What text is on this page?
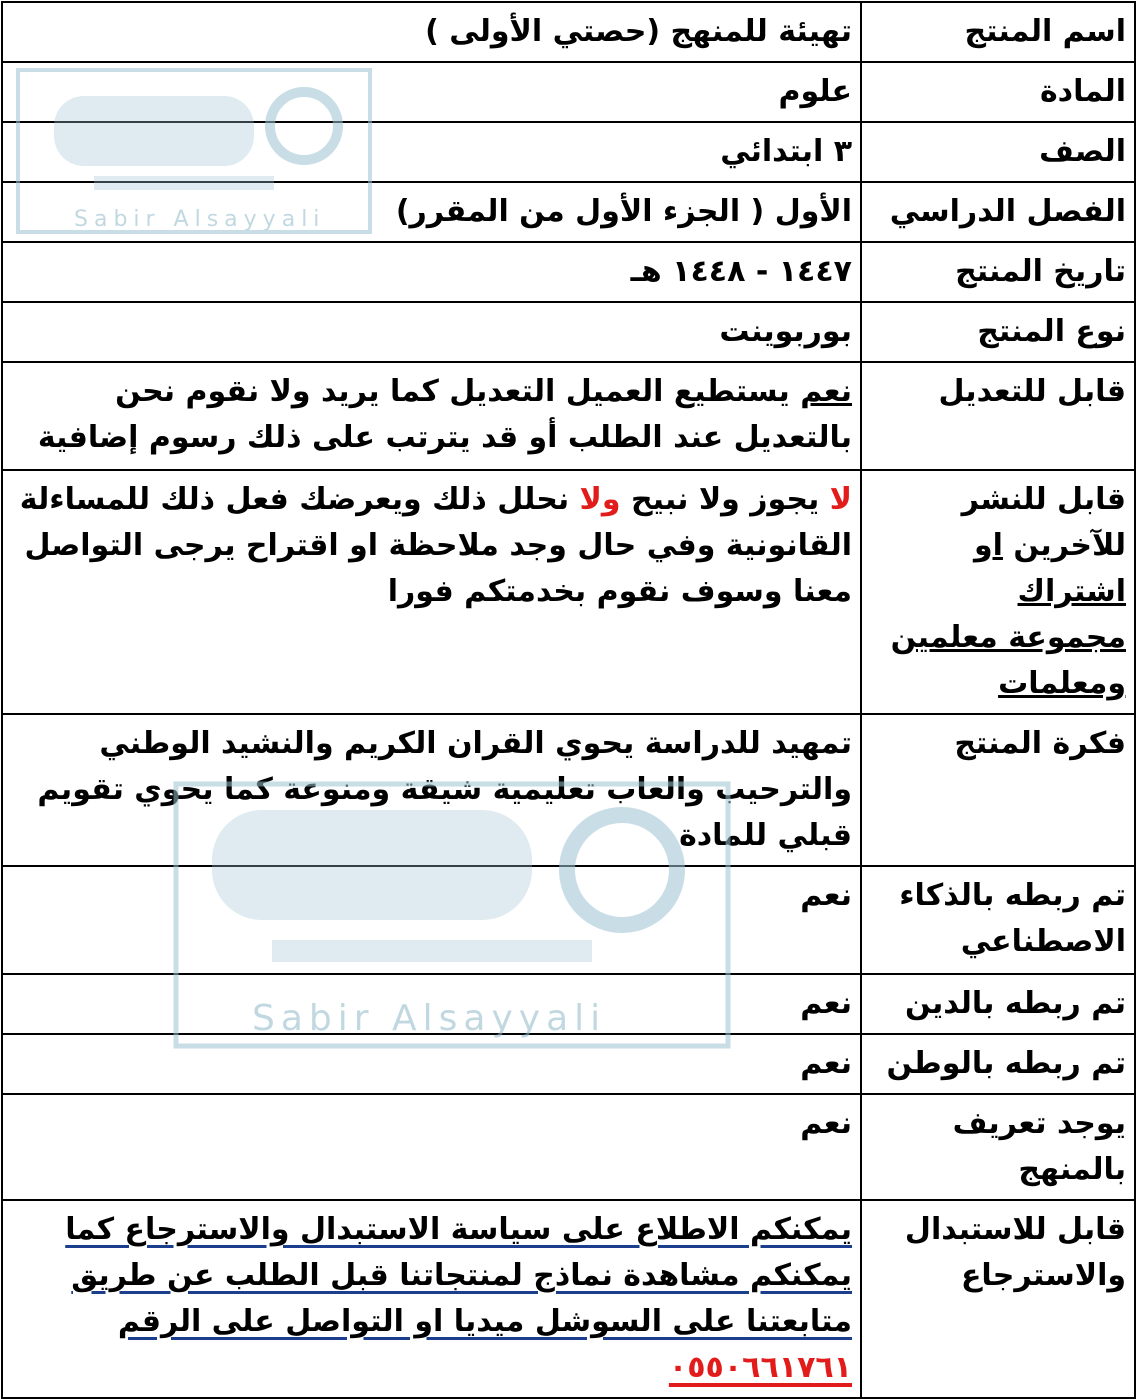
اسم المنتج	تهيئة للمنهج (حصتي الأولى )
المادة	علوم
الصف	٣ ابتدائي
الفصل الدراسي	الأول ( الجزء الأول من المقرر)
تاريخ المنتج	١٤٤٧ - ١٤٤٨ هـ
نوع المنتج	بوربوينت
قابل للتعديل	نعم يستطيع العميل التعديل كما يريد ولا نقوم نحن بالتعديل عند الطلب أو قد يترتب على ذلك رسوم إضافية
قابل للنشر
للآخرين او اشتراك
مجموعة معلمين
ومعلمات	لا يجوز ولا نبيح ولا نحلل ذلك ويعرضك فعل ذلك للمساءلة القانونية وفي حال وجد ملاحظة او اقتراح يرجى التواصل معنا وسوف نقوم بخدمتكم فورا
فكرة المنتج	تمهيد للدراسة يحوي القران الكريم والنشيد الوطني والترحيب والعاب تعليمية شيقة ومنوعة كما يحوي تقويم قبلي للمادة
تم ربطه بالذكاء الاصطناعي	نعم
تم ربطه بالدين	نعم
تم ربطه بالوطن	نعم
يوجد تعريف بالمنهج	نعم
قابل للاستبدال والاسترجاع	يمكنكم الاطلاع على سياسة الاستبدال والاسترجاع كما يمكنكم مشاهدة نماذج لمنتجاتنا قبل الطلب عن طريق متابعتنا على السوشل ميديا او التواصل على الرقم ٠٥٥٠٦٦١٧٦١
Sabir Alsayyali
Sabir Alsayyali
